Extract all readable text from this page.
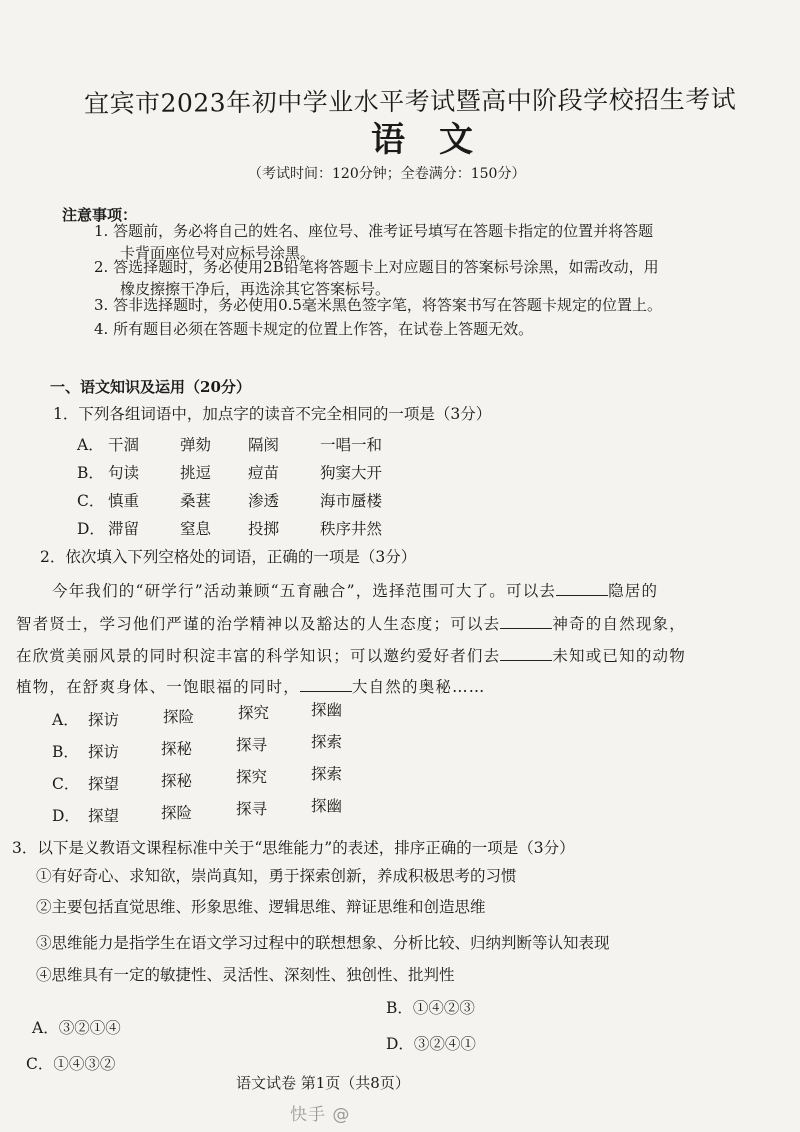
宜宾市2023年初中学业水平考试暨高中阶段学校招生考试
语文
（考试时间：120分钟；全卷满分：150分）
注意事项：
1. 答题前，务必将自己的姓名、座位号、准考证号填写在答题卡指定的位置并将答题
卡背面座位号对应标号涂黑。
2. 答选择题时，务必使用2B铅笔将答题卡上对应题目的答案标号涂黑，如需改动，用
橡皮擦擦干净后，再选涂其它答案标号。
3. 答非选择题时，务必使用0.5毫米黑色签字笔，将答案书写在答题卡规定的位置上。
4. 所有题目必须在答题卡规定的位置上作答，在试卷上答题无效。
一、语文知识及运用（20分）
1．下列各组词语中，加点字的读音不完全相同的一项是（3分）
A． 干涸	弹劾 隔阂	一唱一和
B． 句读	挑逗 痘苗	狗窦大开
C． 慎重	桑葚 渗透	海市蜃楼
D． 滞留	窒息 投掷	秩序井然
2．依次填入下列空格处的词语，正确的一项是（3分）
今年我们的“研学行”活动兼顾“五育融合”，选择范围可大了。可以去	隐居的
智者贤士，学习他们严谨的治学精神以及豁达的人生态度；可以去	神奇的自然现象，
在欣赏美丽风景的同时积淀丰富的科学知识；可以邀约爱好者们去	未知或已知的动物
植物，在舒爽身体、一饱眼福的同时，	大自然的奥秘……
A． 探访	探险	探究	探幽
B． 探访	探秘	探寻	探索
C． 探望	探秘	探究	探索
D． 探望	探险	探寻	探幽
3．以下是义教语文课程标准中关于“思维能力”的表述，排序正确的一项是（3分）
①有好奇心、求知欲，崇尚真知，勇于探索创新，养成积极思考的习惯
②主要包括直觉思维、形象思维、逻辑思维、辩证思维和创造思维
③思维能力是指学生在语文学习过程中的联想想象、分析比较、归纳判断等认知表现
④思维具有一定的敏捷性、灵活性、深刻性、独创性、批判性
B．①④②③
A．③②①④
D．③②④①
C．①④③②
语文试卷 第1页（共8页）
快手 @
